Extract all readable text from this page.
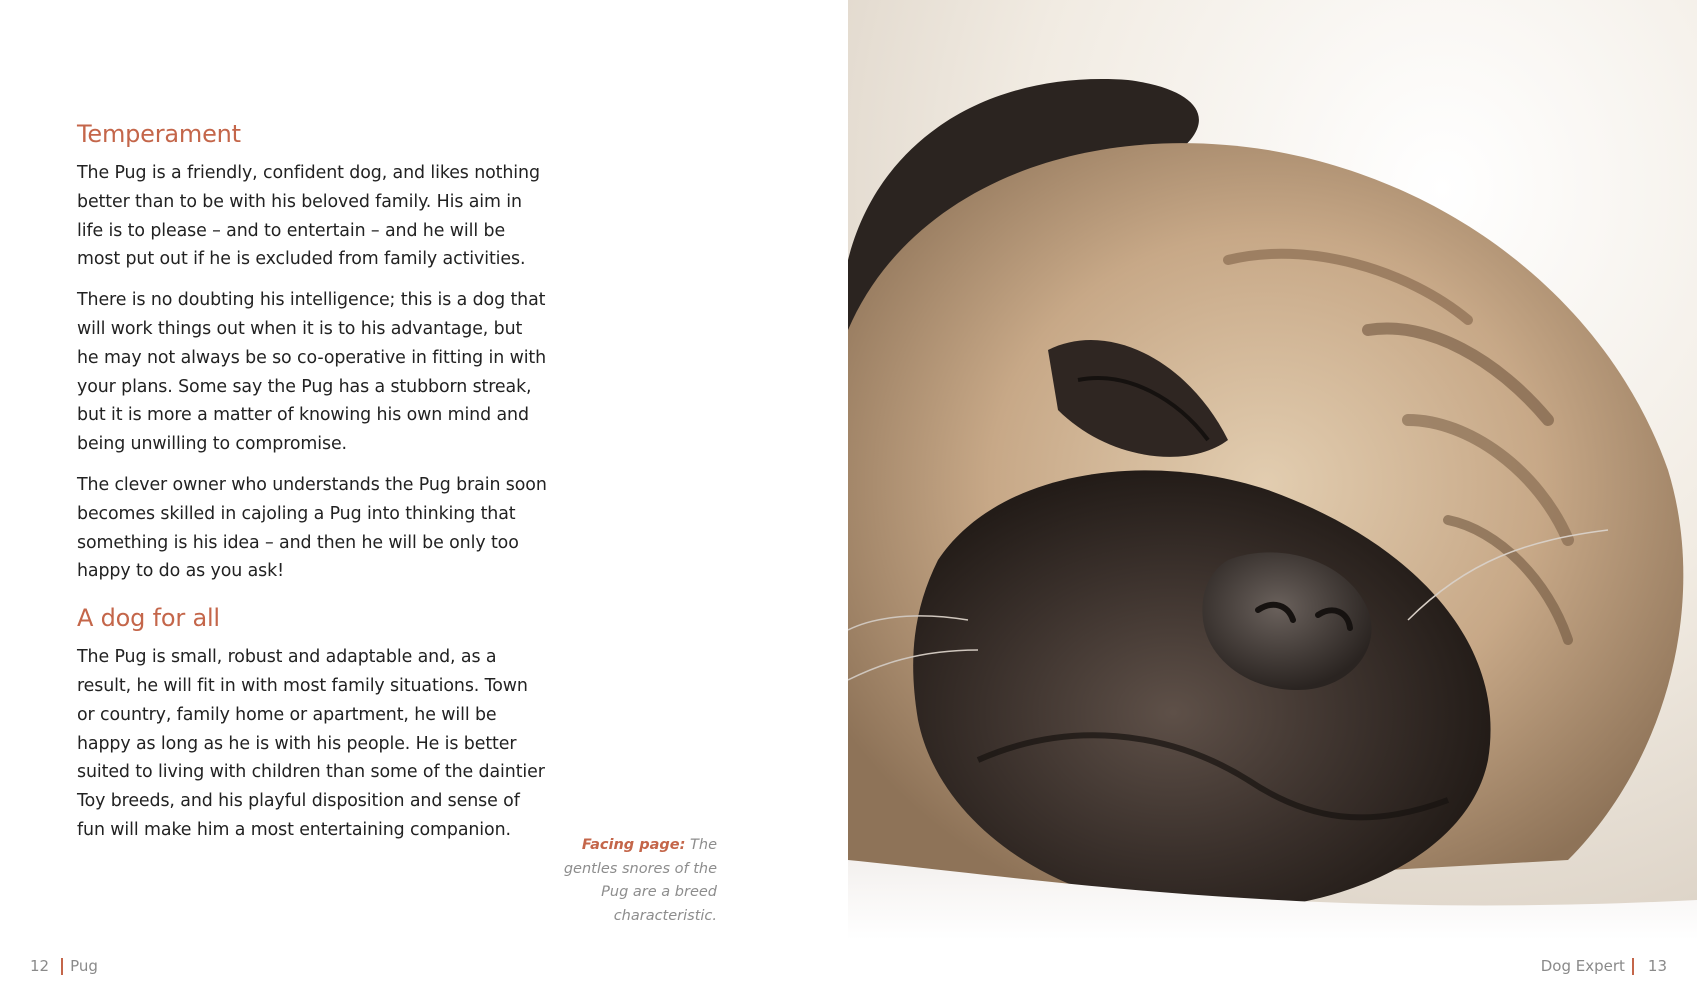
Temperament

The Pug is a friendly, confident dog, and likes nothing better than to be with his beloved family. His aim in life is to please – and to entertain – and he will be most put out if he is excluded from family activities.

There is no doubting his intelligence; this is a dog that will work things out when it is to his advantage, but he may not always be so co-operative in fitting in with your plans. Some say the Pug has a stubborn streak, but it is more a matter of knowing his own mind and being unwilling to compromise.

The clever owner who understands the Pug brain soon becomes skilled in cajoling a Pug into thinking that something is his idea – and then he will be only too happy to do as you ask!

A dog for all

The Pug is small, robust and adaptable and, as a result, he will fit in with most family situations. Town or country, family home or apartment, he will be happy as long as he is with his people. He is better suited to living with children than some of the daintier Toy breeds, and his playful disposition and sense of fun will make him a most entertaining companion.

Facing page: The gentles snores of the Pug are a breed characteristic.
12 Pug	Dog Expert 13
